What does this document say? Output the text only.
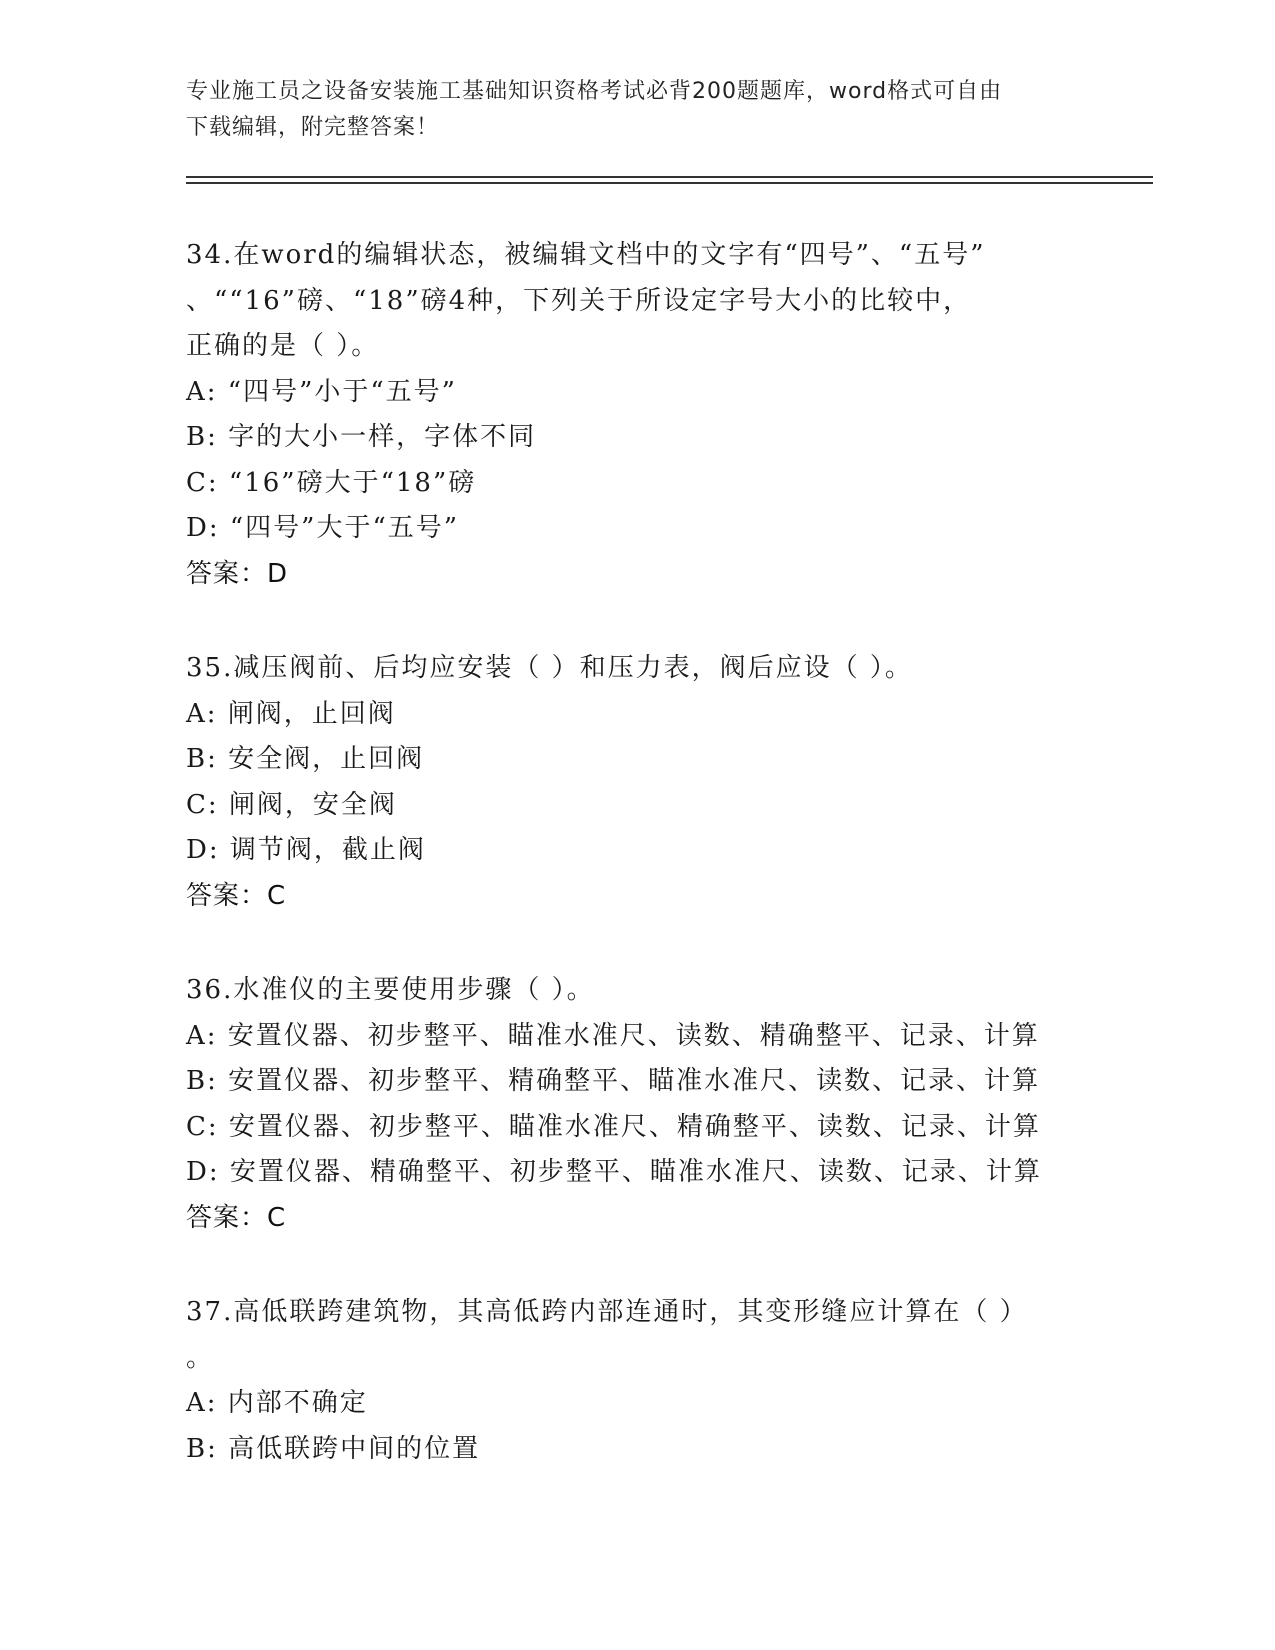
专业施工员之设备安装施工基础知识资格考试必背200题题库，word格式可自由
下载编辑，附完整答案！
34.在word的编辑状态，被编辑文档中的文字有“四号”、“五号”
、““16”磅、“18”磅4种，下列关于所设定字号大小的比较中，
正确的是（ ）。
A: “四号”小于“五号”
B: 字的大小一样，字体不同
C: “16”磅大于“18”磅
D: “四号”大于“五号”
答案：D
35.减压阀前、后均应安装（ ）和压力表，阀后应设（ ）。
A: 闸阀，止回阀
B: 安全阀，止回阀
C: 闸阀，安全阀
D: 调节阀，截止阀
答案：C
36.水准仪的主要使用步骤（ ）。
A: 安置仪器、初步整平、瞄准水准尺、读数、精确整平、记录、计算
B: 安置仪器、初步整平、精确整平、瞄准水准尺、读数、记录、计算
C: 安置仪器、初步整平、瞄准水准尺、精确整平、读数、记录、计算
D: 安置仪器、精确整平、初步整平、瞄准水准尺、读数、记录、计算
答案：C
37.高低联跨建筑物，其高低跨内部连通时，其变形缝应计算在（ ）
。
A: 内部不确定
B: 高低联跨中间的位置
